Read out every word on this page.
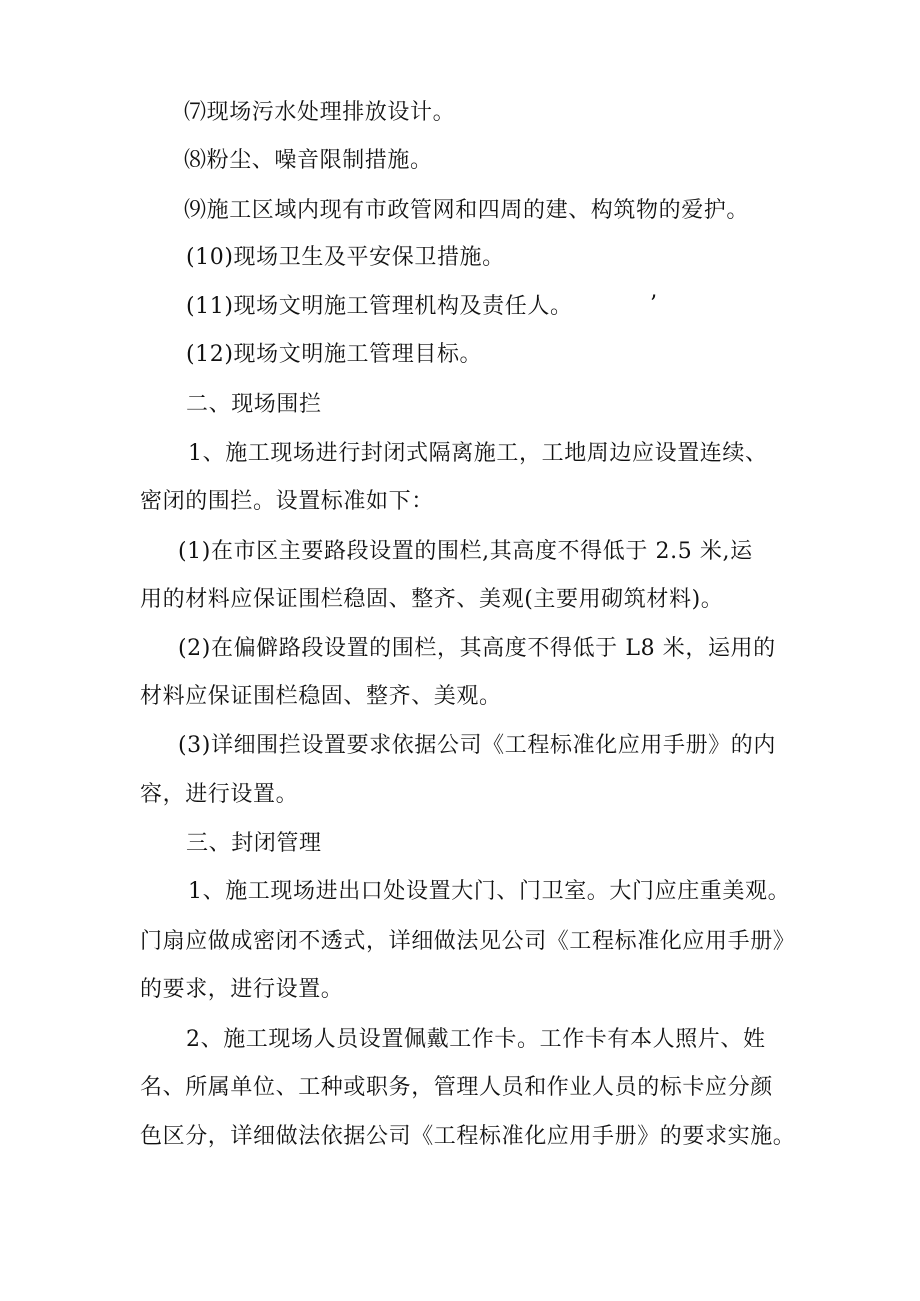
⑺现场污水处理排放设计。
⑻粉尘、噪音限制措施。
⑼施工区域内现有市政管网和四周的建、构筑物的爱护。
(10)现场卫生及平安保卫措施。
(11)现场文明施工管理机构及责任人。	’
(12)现场文明施工管理目标。
二、现场围拦
1、施工现场进行封闭式隔离施工，工地周边应设置连续、
密闭的围拦。设置标准如下：
(1)在市区主要路段设置的围栏,其高度不得低于 2.5 米,运
用的材料应保证围栏稳固、整齐、美观(主要用砌筑材料)。
(2)在偏僻路段设置的围栏，其高度不得低于 L8 米，运用的
材料应保证围栏稳固、整齐、美观。
(3)详细围拦设置要求依据公司《工程标准化应用手册》的内
容，进行设置。
三、封闭管理
1、施工现场进出口处设置大门、门卫室。大门应庄重美观。
门扇应做成密闭不透式，详细做法见公司《工程标准化应用手册》
的要求，进行设置。
2、施工现场人员设置佩戴工作卡。工作卡有本人照片、姓
名、所属单位、工种或职务，管理人员和作业人员的标卡应分颜
色区分，详细做法依据公司《工程标准化应用手册》的要求实施。
